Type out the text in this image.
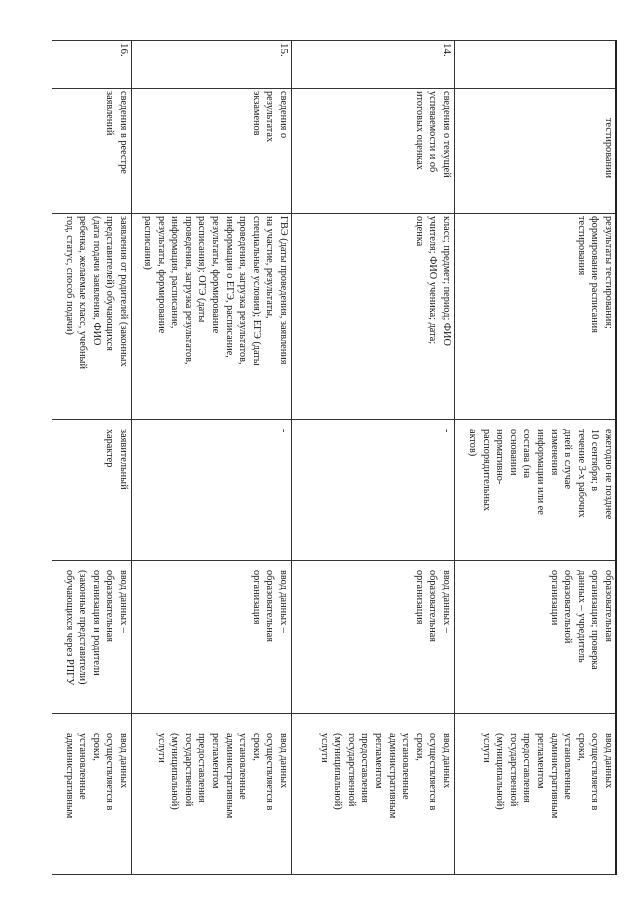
тестировании
результаты тестирования;
формирование расписания
тестирования
ежегодно не позднее
10 сентября; в
течение 3-х рабочих
дней в случае
изменения
информации или ее
состава (на
основании
нормативно-
распорядительных
актов)
образовательная
организация; проверка
данных – учредитель
образовательной
организации
ввод данных
осуществляется в
сроки,
установленные
административным
регламентом
предоставления
государственной
(муниципальной)
услуги
14.
сведения о текущей
успеваемости и об
итоговых оценках
класс; предмет; период; ФИО
учителя; ФИО ученика; дата;
оценка
-
ввод данных –
образовательная
организация
ввод данных
осуществляется в
сроки,
установленные
административным
регламентом
предоставления
государственной
(муниципальной)
услуги
15.
сведения о
результатах
экзаменов
ГВЭ (даты проведения, заявления
на участие, результаты,
специальные условия); ЕГЭ (даты
проведения, загрузка результатов,
информация о ЕГЭ, расписание,
результаты, формирование
расписания); ОГЭ (даты
проведения, загрузка результатов,
информация, расписание,
результаты, формирование
расписания)
-
ввод данных –
образовательная
организация
ввод данных
осуществляется в
сроки,
установленные
административным
регламентом
предоставления
государственной
(муниципальной)
услуги
16.
сведения в реестре
заявлений
заявления от родителей (законных
представителей) обучающихся
(дата подачи заявления, ФИО
ребенка, желаемые класс, учебный
год, статус, способ подачи)
заявительный
характер
ввод данных –
образовательная
организация и родители
(законные представители)
обучающихся через РПГУ
ввод данных
осуществляется в
сроки,
установленные
административным
